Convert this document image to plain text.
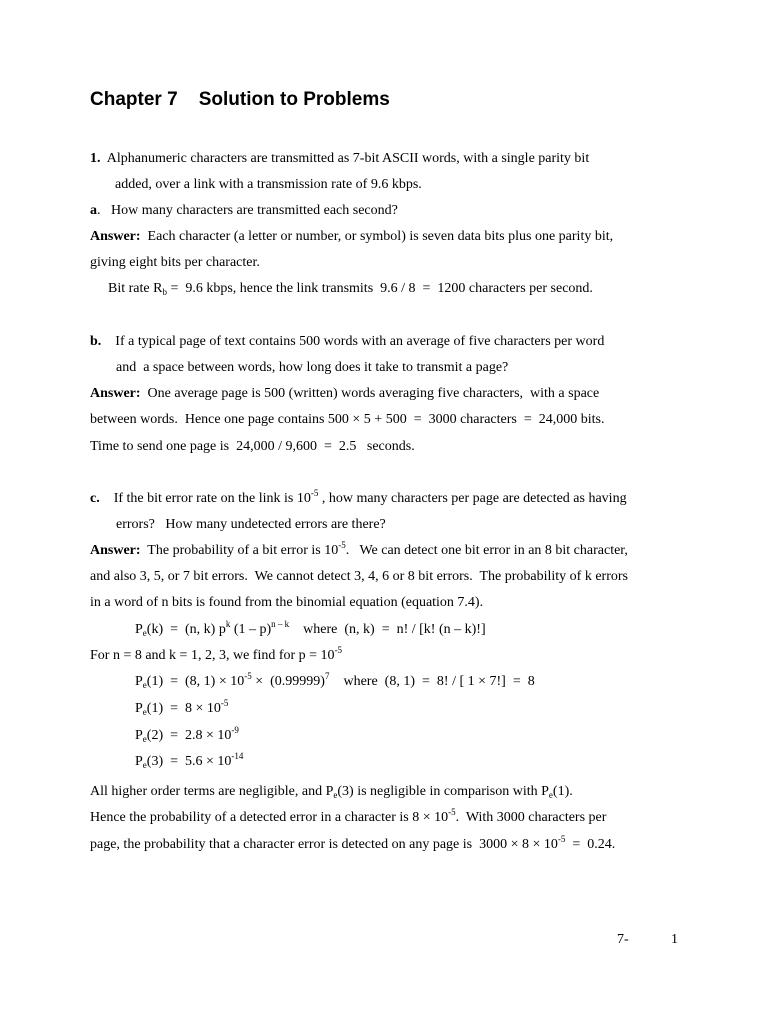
Chapter 7    Solution to Problems
1. Alphanumeric characters are transmitted as 7-bit ASCII words, with a single parity bit
added, over a link with a transmission rate of 9.6 kbps.
a.   How many characters are transmitted each second?
Answer: Each character (a letter or number, or symbol) is seven data bits plus one parity bit,
giving eight bits per character.
Bit rate $R_b = 9.6$ kbps, hence the link transmits  9.6 / 8  =  1200 characters per second.
b. If a typical page of text contains 500 words with an average of five characters per word
and  a space between words, how long does it take to transmit a page?
Answer: One average page is 500 (written) words averaging five characters,  with a space
between words.  Hence one page contains 500 × 5 + 500  =  3000 characters  =  24,000 bits.
Time to send one page is  24,000 / 9,600  =  2.5   seconds.
c. If the bit error rate on the link is $10^{-5}$ , how many characters per page are detected as having
errors?   How many undetected errors are there?
Answer: The probability of a bit error is $10^{-5}$.   We can detect one bit error in an 8 bit character,
and also 3, 5, or 7 bit errors.  We cannot detect 3, 4, 6 or 8 bit errors.  The probability of k errors
in a word of n bits is found from the binomial equation (equation 7.4).
$P_e(k) = (n$, k) $p^k$ (1 – p)$^{n - k}$    where  (n, k)  =  n! / [k! (n – k)!]
For n = 8 and k = 1, 2, 3, we find for $p = 10^{-5}$
$P_e(1) = (8$, $1) \times 10^{-5} \times (0.99999)^7$    where  (8, 1)  =  8! / [ 1 × 7!]  =  8
$P_e(1) = 8 \times 10^{-5}$
$P_e(2) = 2.8 \times 10^{-9}$
$P_e(3) = 5.6 \times 10^{-14}$
All higher order terms are negligible, and $P_e(3)$ is negligible in comparison with $P_e(1)$.
Hence the probability of a detected error in a character is $8 \times 10^{-5}$.  With 3000 characters per
page, the probability that a character error is detected on any page is  $3000 \times 8 \times 10^{-5} = 0.24$.
7-	1
